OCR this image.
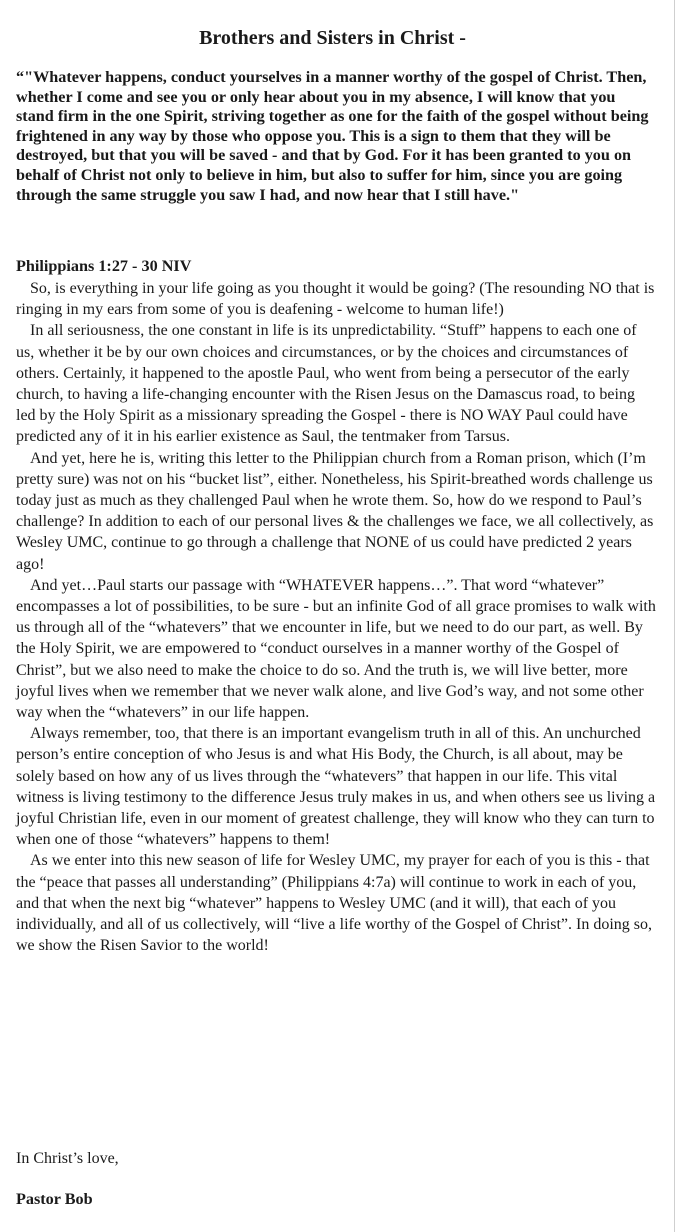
Brothers and Sisters in Christ -
“"Whatever happens, conduct yourselves in a manner worthy of the gospel of Christ. Then, whether I come and see you or only hear about you in my absence, I will know that you stand firm in the one Spirit, striving together as one for the faith of the gospel without being frightened in any way by those who oppose you. This is a sign to them that they will be destroyed, but that you will be saved - and that by God. For it has been granted to you on behalf of Christ not only to believe in him, but also to suffer for him, since you are going through the same struggle you saw I had, and now hear that I still have."
Philippians 1:27 - 30 NIV

So, is everything in your life going as you thought it would be going? (The resounding NO that is ringing in my ears from some of you is deafening - welcome to human life!)

In all seriousness, the one constant in life is its unpredictability. “Stuff” happens to each one of us, whether it be by our own choices and circumstances, or by the choices and circumstances of others. Certainly, it happened to the apostle Paul, who went from being a persecutor of the early church, to having a life-changing encounter with the Risen Jesus on the Damascus road, to being led by the Holy Spirit as a missionary spreading the Gospel - there is NO WAY Paul could have predicted any of it in his earlier existence as Saul, the tentmaker from Tarsus.

And yet, here he is, writing this letter to the Philippian church from a Roman prison, which (I’m pretty sure) was not on his “bucket list”, either. Nonetheless, his Spirit-breathed words challenge us today just as much as they challenged Paul when he wrote them. So, how do we respond to Paul’s challenge? In addition to each of our personal lives & the challenges we face, we all collectively, as Wesley UMC, continue to go through a challenge that NONE of us could have predicted 2 years ago!

And yet…Paul starts our passage with “WHATEVER happens…”. That word “whatever” encompasses a lot of possibilities, to be sure - but an infinite God of all grace promises to walk with us through all of the “whatevers” that we encounter in life, but we need to do our part, as well. By the Holy Spirit, we are empowered to “conduct ourselves in a manner worthy of the Gospel of Christ”, but we also need to make the choice to do so. And the truth is, we will live better, more joyful lives when we remember that we never walk alone, and live God’s way, and not some other way when the “whatevers” in our life happen.

Always remember, too, that there is an important evangelism truth in all of this. An unchurched person’s entire conception of who Jesus is and what His Body, the Church, is all about, may be solely based on how any of us lives through the “whatevers” that happen in our life. This vital witness is living testimony to the difference Jesus truly makes in us, and when others see us living a joyful Christian life, even in our moment of greatest challenge, they will know who they can turn to when one of those “whatevers” happens to them!

As we enter into this new season of life for Wesley UMC, my prayer for each of you is this - that the “peace that passes all understanding” (Philippians 4:7a) will continue to work in each of you, and that when the next big “whatever” happens to Wesley UMC (and it will), that each of you individually, and all of us collectively, will “live a life worthy of the Gospel of Christ”. In doing so, we show the Risen Savior to the world!

In Christ’s love,
Pastor Bob
